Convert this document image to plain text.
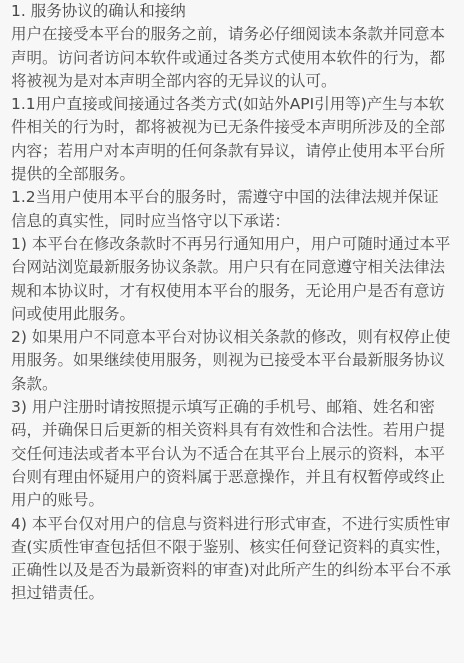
1. 服务协议的确认和接纳

用户在接受本平台的服务之前，请务必仔细阅读本条款并同意本声明。访问者访问本软件或通过各类方式使用本软件的行为，都将被视为是对本声明全部内容的无异议的认可。

1.1用户直接或间接通过各类方式(如站外API引用等)产生与本软件相关的行为时，都将被视为已无条件接受本声明所涉及的全部内容；若用户对本声明的任何条款有异议，请停止使用本平台所提供的全部服务。

1.2当用户使用本平台的服务时，需遵守中国的法律法规并保证信息的真实性，同时应当恪守以下承诺：

1) 本平台在修改条款时不再另行通知用户，用户可随时通过本平台网站浏览最新服务协议条款。用户只有在同意遵守相关法律法规和本协议时，才有权使用本平台的服务，无论用户是否有意访问或使用此服务。

2) 如果用户不同意本平台对协议相关条款的修改，则有权停止使用服务。如果继续使用服务，则视为已接受本平台最新服务协议条款。

3) 用户注册时请按照提示填写正确的手机号、邮箱、姓名和密码，并确保日后更新的相关资料具有有效性和合法性。若用户提交任何违法或者本平台认为不适合在其平台上展示的资料，本平台则有理由怀疑用户的资料属于恶意操作，并且有权暂停或终止用户的账号。

4) 本平台仅对用户的信息与资料进行形式审查，不进行实质性审查(实质性审查包括但不限于鉴别、核实任何登记资料的真实性，正确性以及是否为最新资料的审查)对此所产生的纠纷本平台不承担过错责任。
